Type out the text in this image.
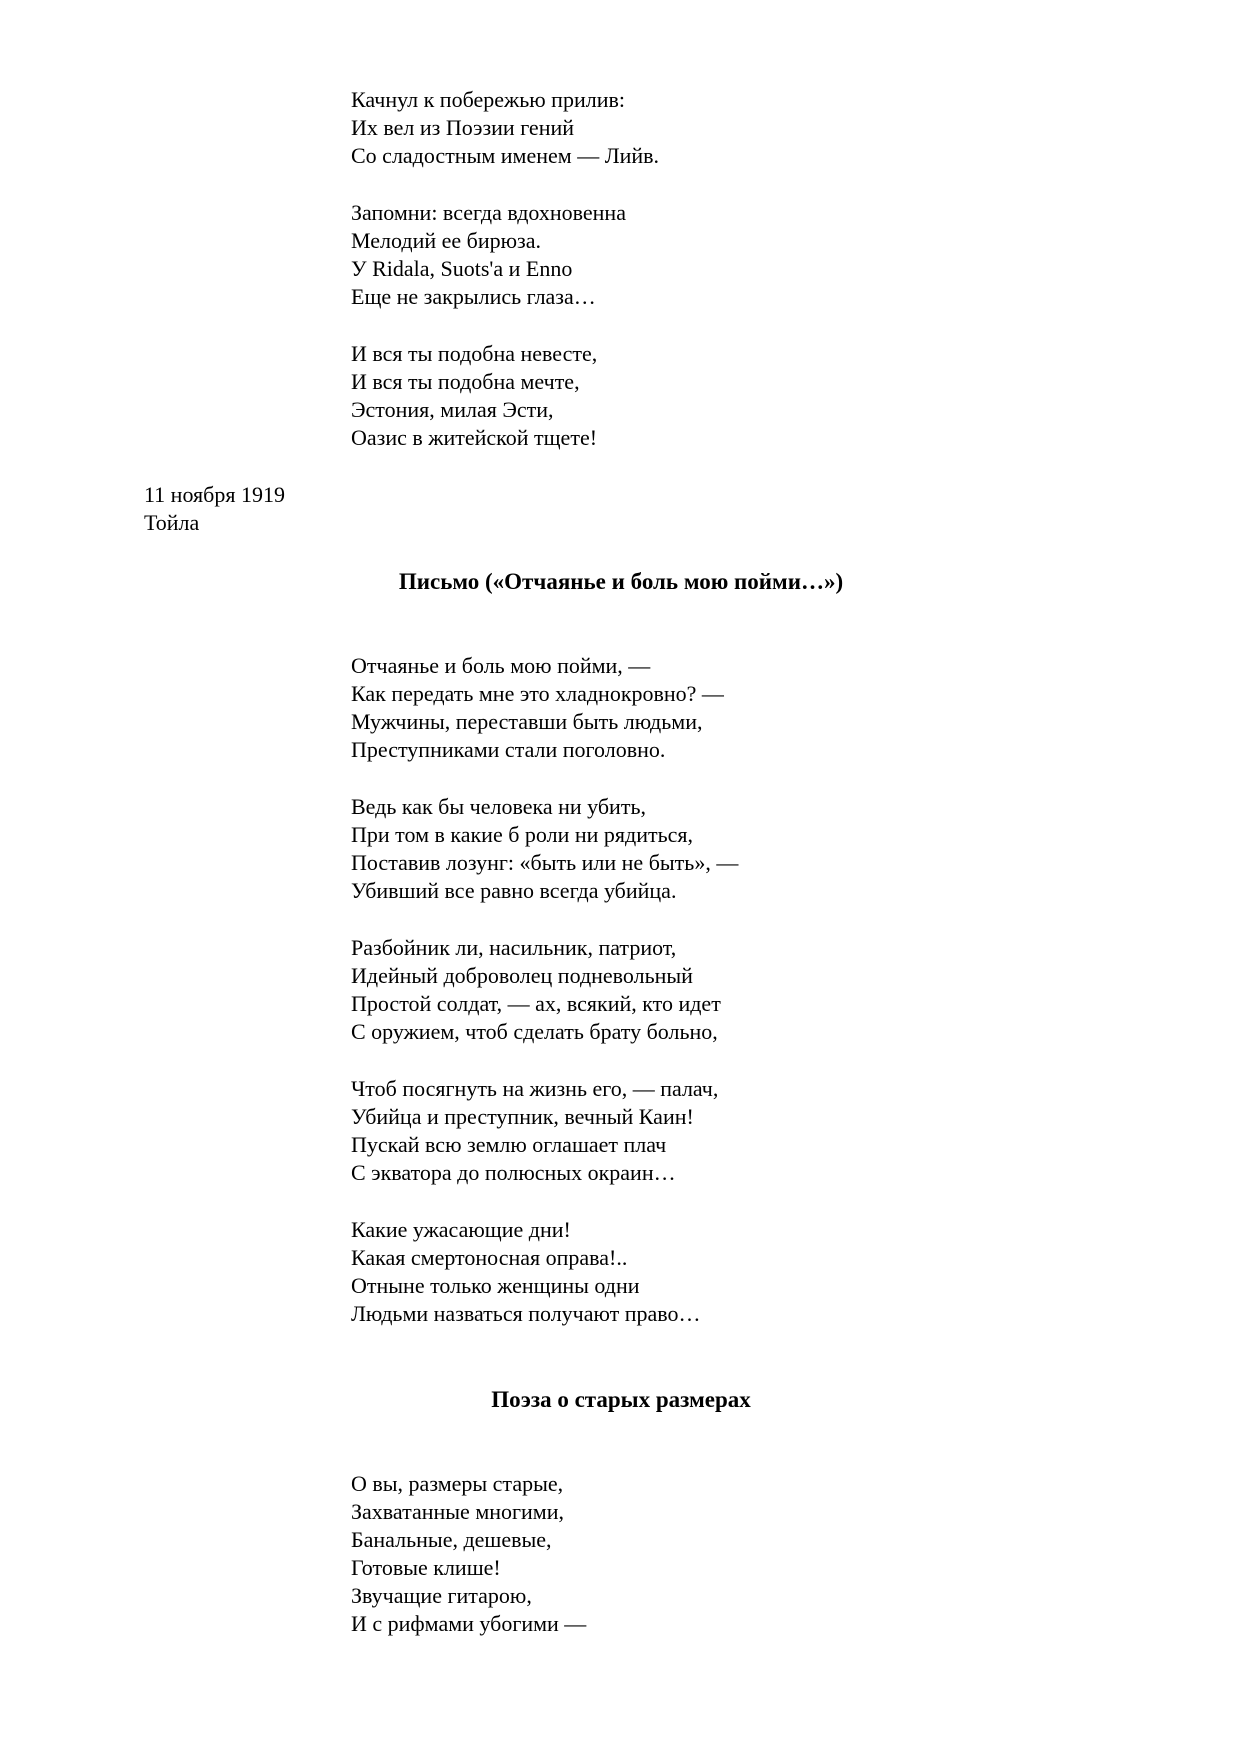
Качнул к побережью прилив:

Их вел из Поэзии гений

Со сладостным именем — Лийв.

Запомни: всегда вдохновенна

Мелодий ее бирюза.

У Ridala, Suots'a и Enno

Еще не закрылись глаза…

И вся ты подобна невесте,

И вся ты подобна мечте,

Эстония, милая Эсти,

Оазис в житейской тщете!

11 ноября 1919

Тойла

Письмо («Отчаянье и боль мою пойми…»)

Отчаянье и боль мою пойми, —

Как передать мне это хладнокровно? —

Мужчины, переставши быть людьми,

Преступниками стали поголовно.

Ведь как бы человека ни убить,

При том в какие б роли ни рядиться,

Поставив лозунг: «быть или не быть», —

Убивший все равно всегда убийца.

Разбойник ли, насильник, патриот,

Идейный доброволец подневольный

Простой солдат, — ах, всякий, кто идет

С оружием, чтоб сделать брату больно,

Чтоб посягнуть на жизнь его, — палач,

Убийца и преступник, вечный Каин!

Пускай всю землю оглашает плач

С экватора до полюсных окраин…

Какие ужасающие дни!

Какая смертоносная оправа!..

Отныне только женщины одни

Людьми назваться получают право…

Поэза о старых размерах

О вы, размеры старые,

Захватанные многими,

Банальные, дешевые,

Готовые клише!

Звучащие гитарою,

И с рифмами убогими —
